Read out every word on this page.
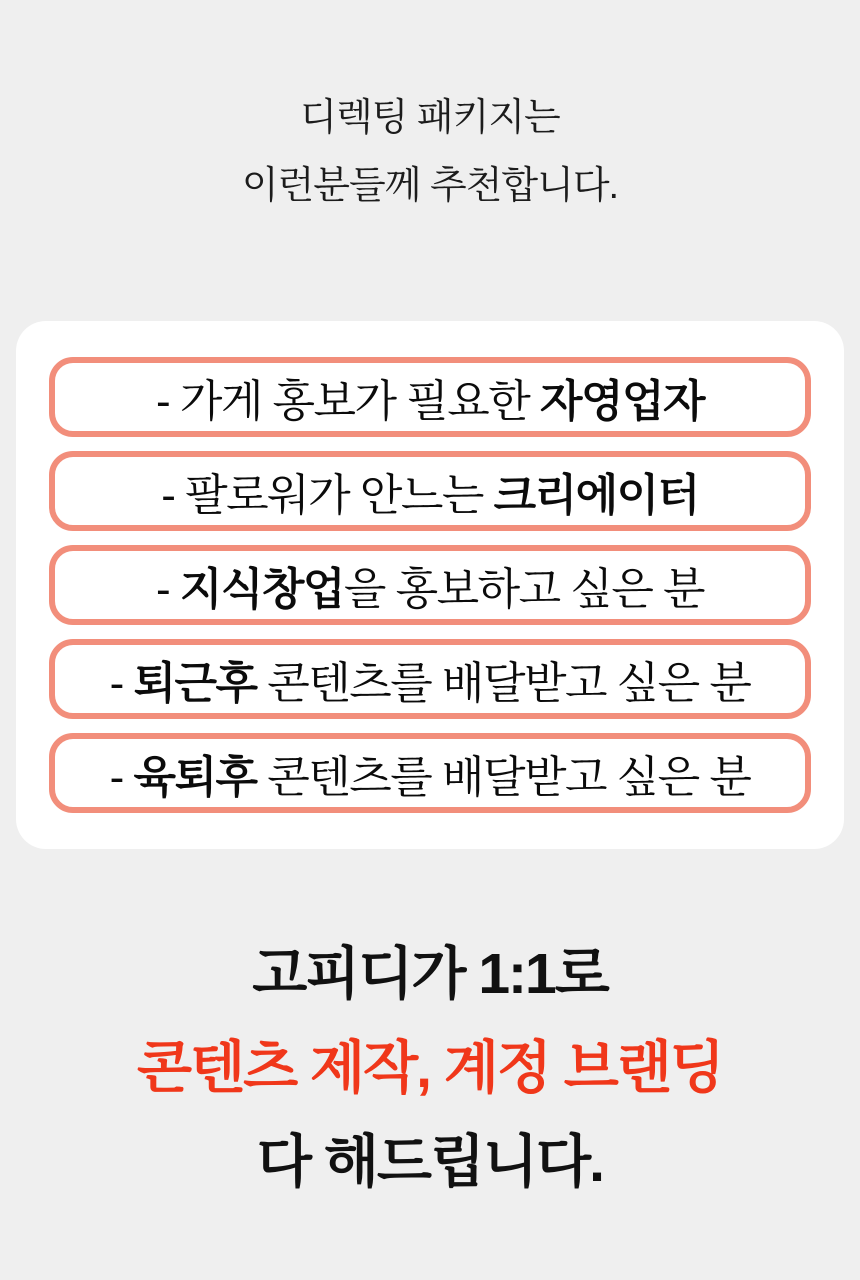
디렉팅 패키지는
이런분들께 추천합니다.
- 가게 홍보가 필요한 자영업자
- 팔로워가 안느는 크리에이터
- 지식창업을 홍보하고 싶은 분
- 퇴근후 콘텐츠를 배달받고 싶은 분
- 육퇴후 콘텐츠를 배달받고 싶은 분
고피디가 1:1로
콘텐츠 제작, 계정 브랜딩
다 해드립니다.
